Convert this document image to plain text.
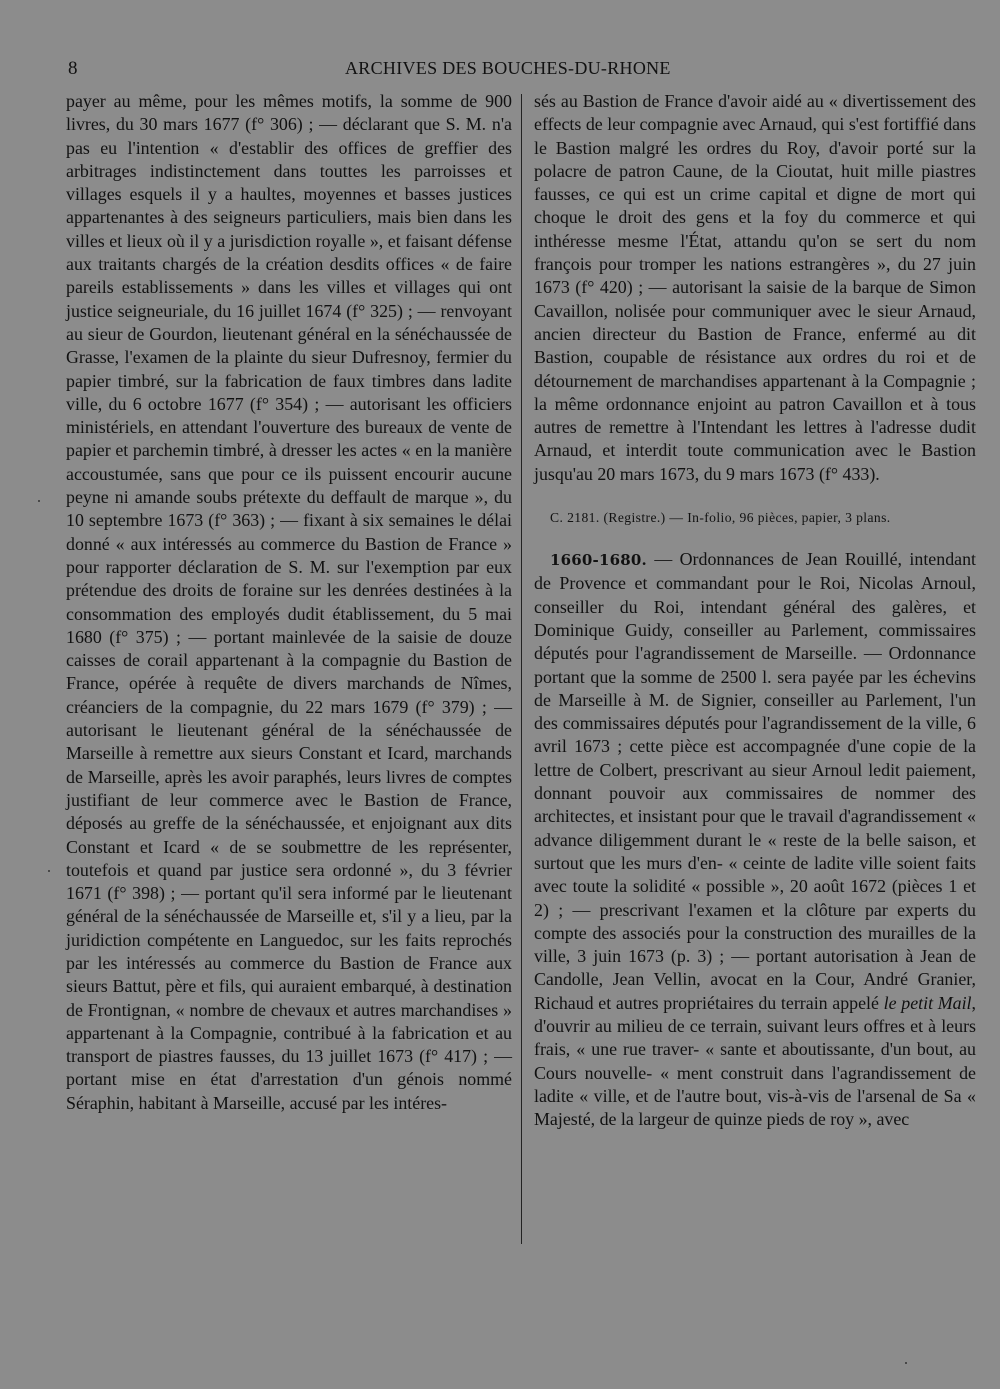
8	ARCHIVES DES BOUCHES-DU-RHONE

payer au même, pour les mêmes motifs, la somme de 900 livres, du 30 mars 1677 (f° 306) ; — déclarant que S. M. n'a pas eu l'intention « d'establir des offices de greffier des arbitrages indistinctement dans touttes les parroisses et villages esquels il y a haultes, moyennes et basses justices appartenantes à des seigneurs particuliers, mais bien dans les villes et lieux où il y a jurisdiction royalle », et faisant défense aux traitants chargés de la création desdits offices « de faire pareils establissements » dans les villes et villages qui ont justice seigneuriale, du 16 juillet 1674 (f° 325) ; — renvoyant au sieur de Gourdon, lieutenant général en la sénéchaussée de Grasse, l'examen de la plainte du sieur Dufresnoy, fermier du papier timbré, sur la fabrication de faux timbres dans ladite ville, du 6 octobre 1677 (f° 354) ; — autorisant les officiers ministériels, en attendant l'ouverture des bureaux de vente de papier et parchemin timbré, à dresser les actes « en la manière accoustumée, sans que pour ce ils puissent encourir aucune peyne ni amande soubs prétexte du deffault de marque », du 10 septembre 1673 (f° 363) ; — fixant à six semaines le délai donné « aux intéressés au commerce du Bastion de France » pour rapporter déclaration de S. M. sur l'exemption par eux prétendue des droits de foraine sur les denrées destinées à la consommation des employés dudit établissement, du 5 mai 1680 (f° 375) ; — portant mainlevée de la saisie de douze caisses de corail appartenant à la compagnie du Bastion de France, opérée à requête de divers marchands de Nîmes, créanciers de la compagnie, du 22 mars 1679 (f° 379) ; — autorisant le lieutenant général de la sénéchaussée de Marseille à remettre aux sieurs Constant et Icard, marchands de Marseille, après les avoir paraphés, leurs livres de comptes justifiant de leur commerce avec le Bastion de France, déposés au greffe de la sénéchaussée, et enjoignant aux dits Constant et Icard « de se soubmettre de les représenter, toutefois et quand par justice sera ordonné », du 3 février 1671 (f° 398) ; — portant qu'il sera informé par le lieutenant général de la sénéchaussée de Marseille et, s'il y a lieu, par la juridiction compétente en Languedoc, sur les faits reprochés par les intéressés au commerce du Bastion de France aux sieurs Battut, père et fils, qui auraient embarqué, à destination de Frontignan, « nombre de chevaux et autres marchandises » appartenant à la Compagnie, contribué à la fabrication et au transport de piastres fausses, du 13 juillet 1673 (f° 417) ; — portant mise en état d'arrestation d'un génois nommé Séraphin, habitant à Marseille, accusé par les intéres-

sés au Bastion de France d'avoir aidé au « divertissement des effects de leur compagnie avec Arnaud, qui s'est fortiffié dans le Bastion malgré les ordres du Roy, d'avoir porté sur la polacre de patron Caune, de la Cioutat, huit mille piastres fausses, ce qui est un crime capital et digne de mort qui choque le droit des gens et la foy du commerce et qui inthéresse mesme l'État, attandu qu'on se sert du nom françois pour tromper les nations estrangères », du 27 juin 1673 (f° 420) ; — autorisant la saisie de la barque de Simon Cavaillon, nolisée pour communiquer avec le sieur Arnaud, ancien directeur du Bastion de France, enfermé au dit Bastion, coupable de résistance aux ordres du roi et de détournement de marchandises appartenant à la Compagnie ; la même ordonnance enjoint au patron Cavaillon et à tous autres de remettre à l'Intendant les lettres à l'adresse dudit Arnaud, et interdit toute communication avec le Bastion jusqu'au 20 mars 1673, du 9 mars 1673 (f° 433).

C. 2181. (Registre.) — In-folio, 96 pièces, papier, 3 plans.

1660-1680. — Ordonnances de Jean Rouillé, intendant de Provence et commandant pour le Roi, Nicolas Arnoul, conseiller du Roi, intendant général des galères, et Dominique Guidy, conseiller au Parlement, commissaires députés pour l'agrandissement de Marseille. — Ordonnance portant que la somme de 2500 l. sera payée par les échevins de Marseille à M. de Signier, conseiller au Parlement, l'un des commissaires députés pour l'agrandissement de la ville, 6 avril 1673 ; cette pièce est accompagnée d'une copie de la lettre de Colbert, prescrivant au sieur Arnoul ledit paiement, donnant pouvoir aux commissaires de nommer des architectes, et insistant pour que le travail d'agrandissement « advance diligemment durant le « reste de la belle saison, et surtout que les murs d'en- « ceinte de ladite ville soient faits avec toute la solidité « possible », 20 août 1672 (pièces 1 et 2) ; — prescrivant l'examen et la clôture par experts du compte des associés pour la construction des murailles de la ville, 3 juin 1673 (p. 3) ; — portant autorisation à Jean de Candolle, Jean Vellin, avocat en la Cour, André Granier, Richaud et autres propriétaires du terrain appelé le petit Mail, d'ouvrir au milieu de ce terrain, suivant leurs offres et à leurs frais, « une rue traver- « sante et aboutissante, d'un bout, au Cours nouvelle- « ment construit dans l'agrandissement de ladite « ville, et de l'autre bout, vis-à-vis de l'arsenal de Sa « Majesté, de la largeur de quinze pieds de roy », avec
